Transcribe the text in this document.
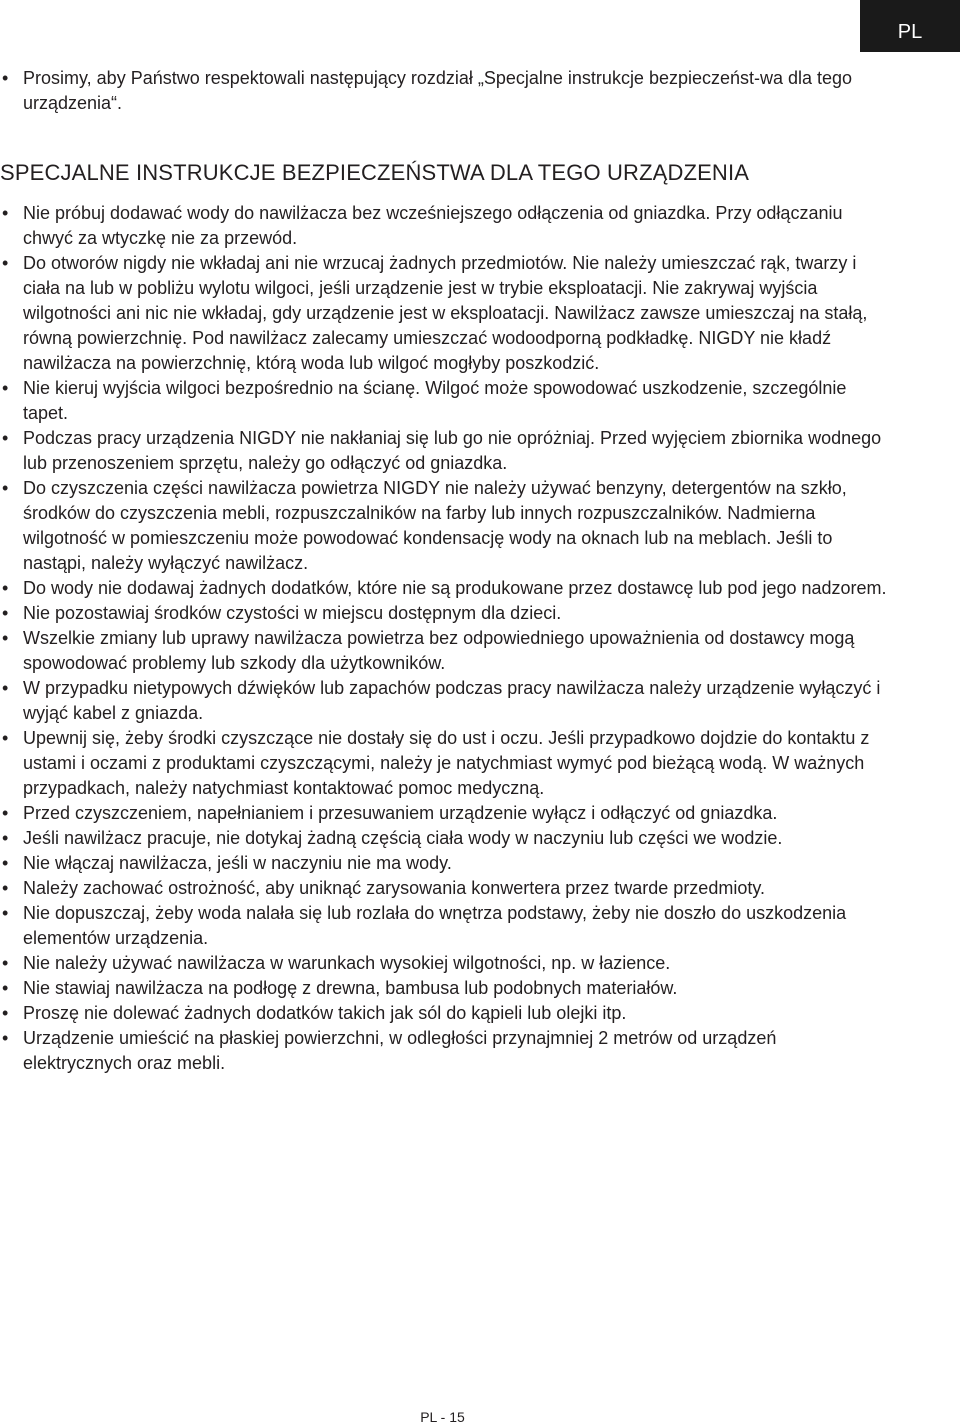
PL
• Prosimy, aby Państwo respektowali następujący rozdział „Specjalne instrukcje bezpieczeńst-wa dla tego urządzenia“.
SPECJALNE INSTRUKCJE BEZPIECZEŃSTWA DLA TEGO URZĄDZENIA
• Nie próbuj dodawać wody do nawilżacza bez wcześniejszego odłączenia od gniazdka. Przy odłączaniu chwyć za wtyczkę nie za przewód.
• Do otworów nigdy nie wkładaj ani nie wrzucaj żadnych przedmiotów. Nie należy umieszczać rąk, twarzy i ciała na lub w pobliżu wylotu wilgoci, jeśli urządzenie jest w trybie eksploatacji. Nie zakrywaj wyjścia wilgotności ani nic nie wkładaj, gdy urządzenie jest w eksploatacji. Nawilżacz zawsze umieszczaj na stałą, równą powierzchnię. Pod nawilżacz zalecamy umieszczać wodoodporną podkładkę. NIGDY nie kładź nawilżacza na powierzchnię, którą woda lub wilgoć mogłyby poszkodzić.
• Nie kieruj wyjścia wilgoci bezpośrednio na ścianę. Wilgoć może spowodować uszkodzenie, szczególnie tapet.
• Podczas pracy urządzenia NIGDY nie nakłaniaj się lub go nie opróżniaj. Przed wyjęciem zbiornika wodnego lub przenoszeniem sprzętu, należy go odłączyć od gniazdka.
• Do czyszczenia części nawilżacza powietrza NIGDY nie należy używać benzyny, detergentów na szkło, środków do czyszczenia mebli, rozpuszczalników na farby lub innych rozpuszczalników. Nadmierna wilgotność w pomieszczeniu może powodować kondensację wody na oknach lub na meblach. Jeśli to nastąpi, należy wyłączyć nawilżacz.
• Do wody nie dodawaj żadnych dodatków, które nie są produkowane przez dostawcę lub pod jego nadzorem.
• Nie pozostawiaj środków czystości w miejscu dostępnym dla dzieci.
• Wszelkie zmiany lub uprawy nawilżacza powietrza bez odpowiedniego upoważnienia od dostawcy mogą spowodować problemy lub szkody dla użytkowników.
• W przypadku nietypowych dźwięków lub zapachów podczas pracy nawilżacza należy urządzenie wyłączyć i wyjąć kabel z gniazda.
• Upewnij się, żeby środki czyszczące nie dostały się do ust i oczu. Jeśli przypadkowo dojdzie do kontaktu z ustami i oczami z produktami czyszczącymi, należy je natychmiast wymyć pod bieżącą wodą. W ważnych przypadkach, należy natychmiast kontaktować pomoc medyczną.
• Przed czyszczeniem, napełnianiem i przesuwaniem urządzenie wyłącz i odłączyć od gniazdka.
• Jeśli nawilżacz pracuje, nie dotykaj żadną częścią ciała wody w naczyniu lub części we wodzie.
• Nie włączaj nawilżacza, jeśli w naczyniu nie ma wody.
• Należy zachować ostrożność, aby uniknąć zarysowania konwertera przez twarde przedmioty.
• Nie dopuszczaj, żeby woda nalała się lub rozlała do wnętrza podstawy, żeby nie doszło do uszkodzenia elementów urządzenia.
• Nie należy używać nawilżacza w warunkach wysokiej wilgotności, np. w łazience.
• Nie stawiaj nawilżacza na podłogę z drewna, bambusa lub podobnych materiałów.
• Proszę nie dolewać żadnych dodatków takich jak sól do kąpieli lub olejki itp.
• Urządzenie umieścić na płaskiej powierzchni, w odległości przynajmniej 2 metrów od urządzeń elektrycznych oraz mebli.
PL - 15
